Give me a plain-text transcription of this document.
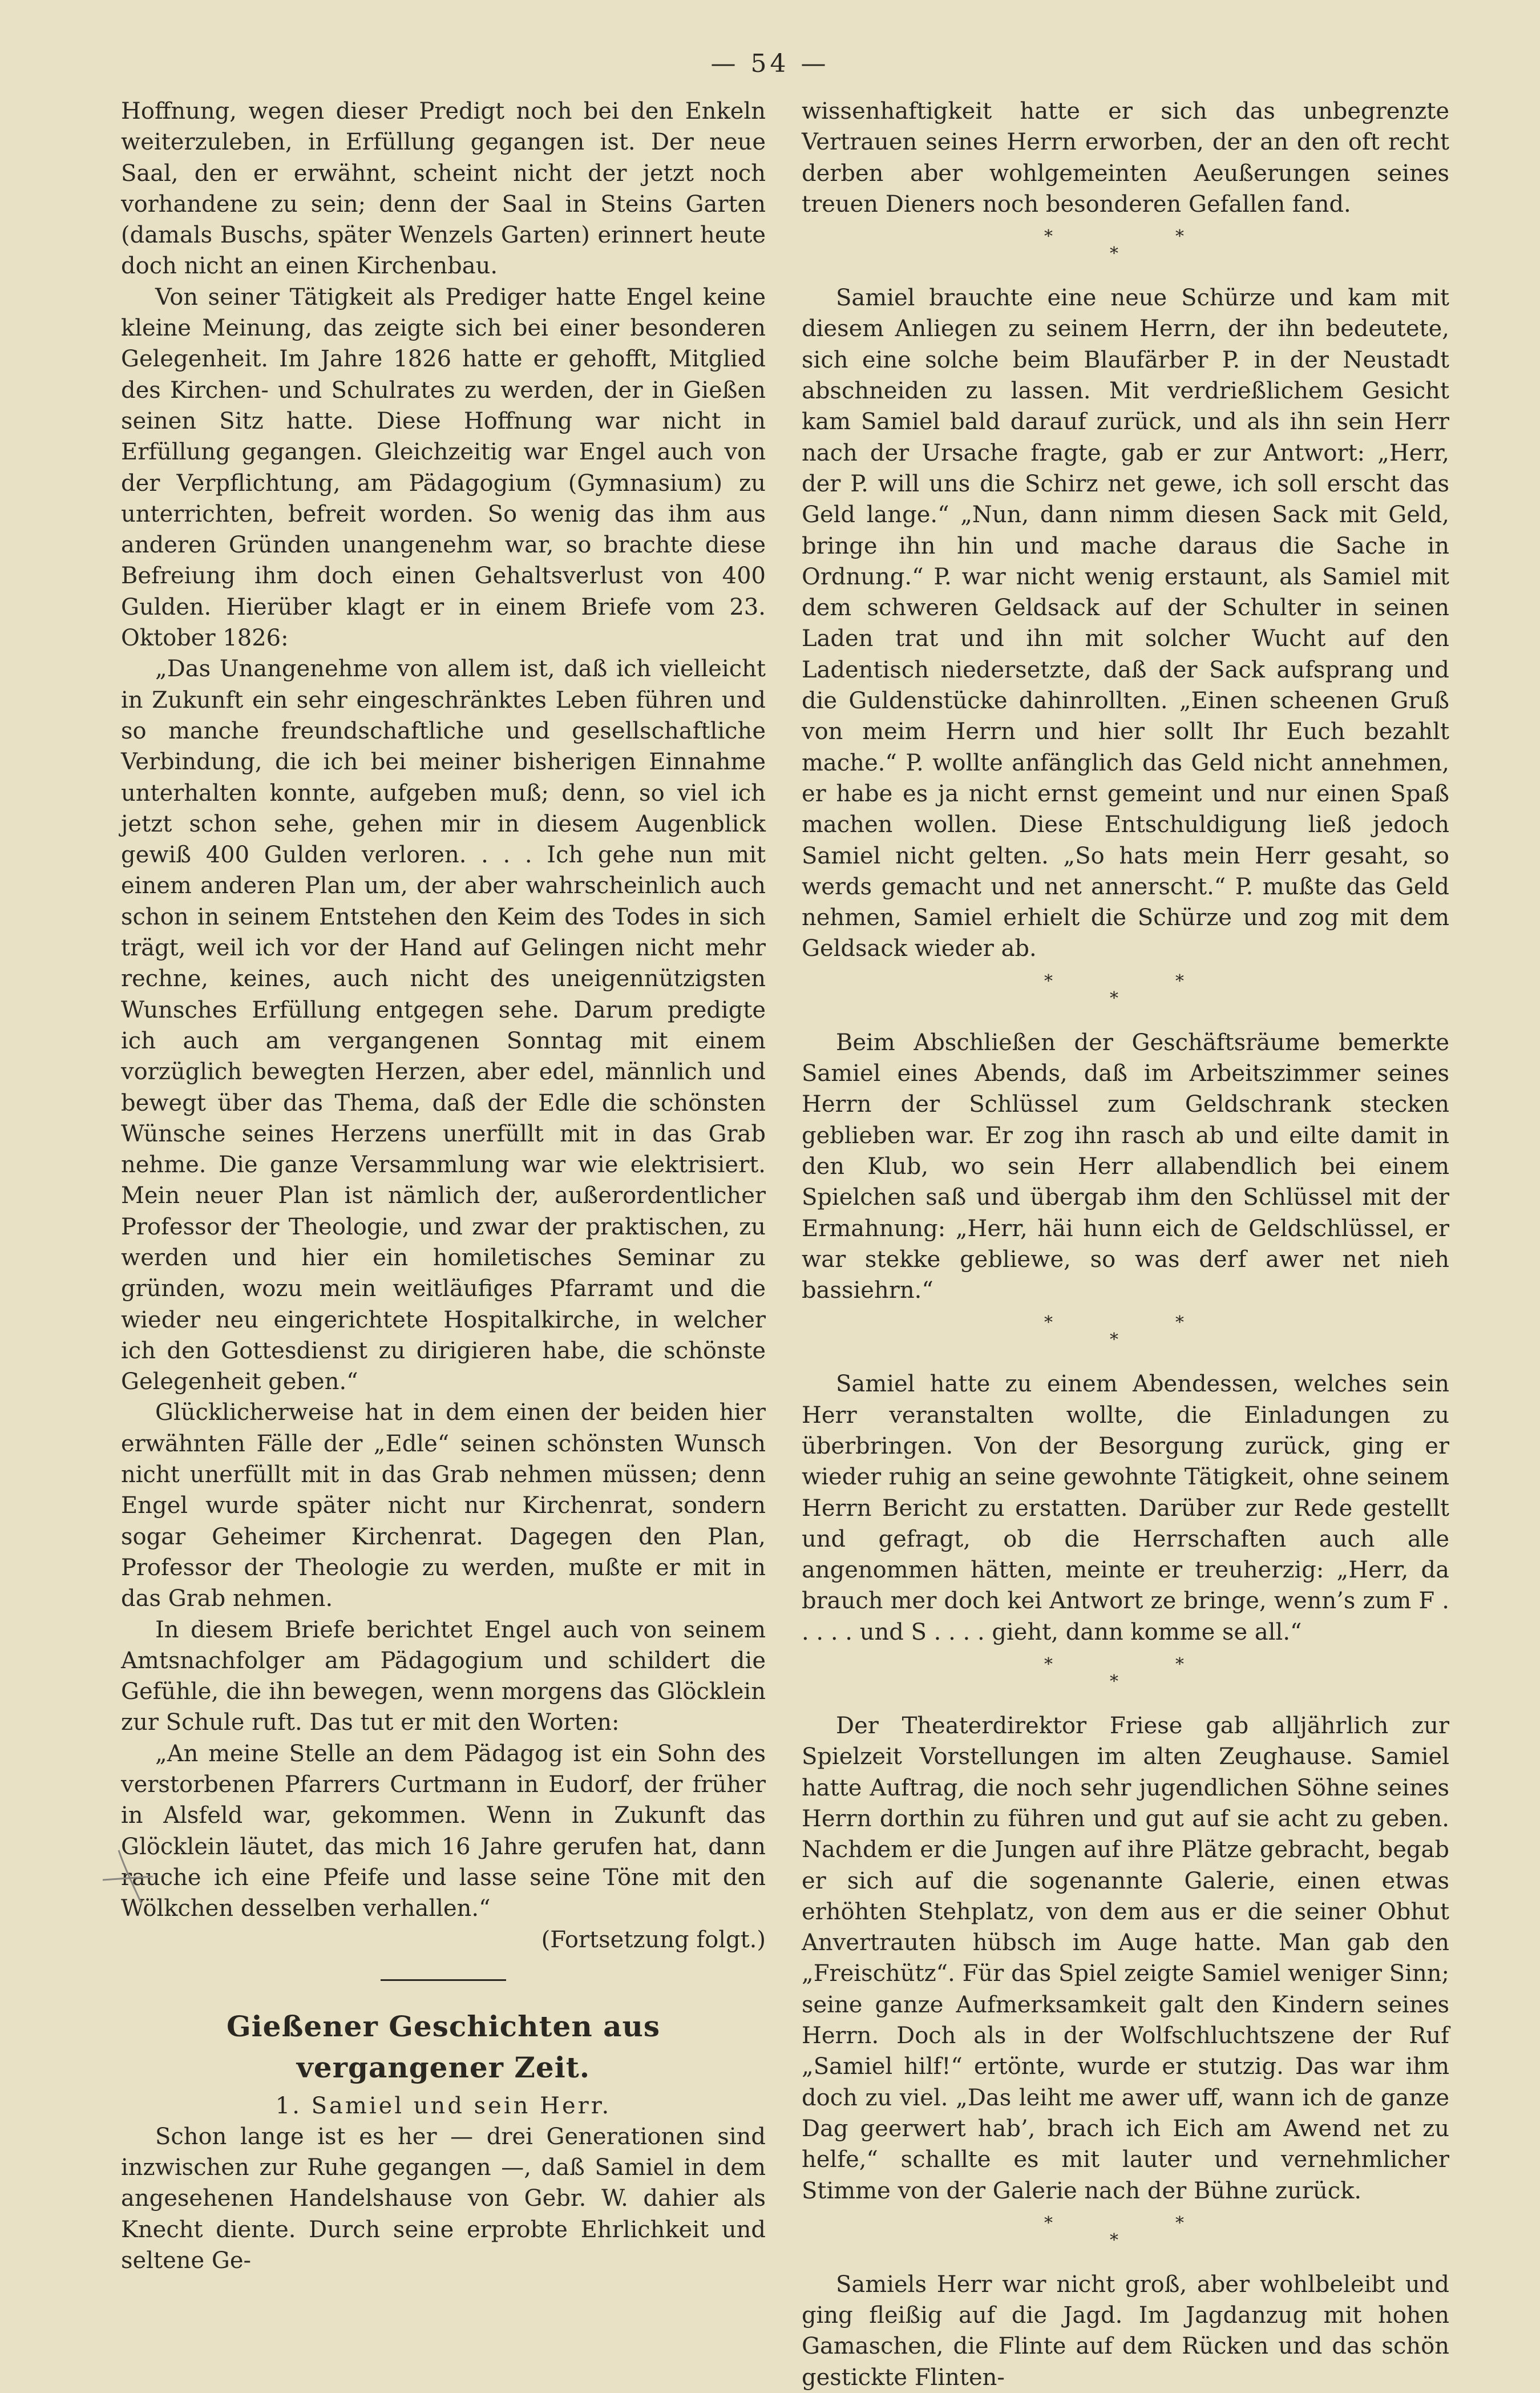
— 54 —

Hoffnung, wegen dieser Predigt noch bei den Enkeln weiterzuleben, in Erfüllung gegangen ist. Der neue Saal, den er erwähnt, scheint nicht der jetzt noch vorhandene zu sein; denn der Saal in Steins Garten (damals Buschs, später Wenzels Garten) erinnert heute doch nicht an einen Kirchenbau.

Von seiner Tätigkeit als Prediger hatte Engel keine kleine Meinung, das zeigte sich bei einer besonderen Gelegenheit. Im Jahre 1826 hatte er gehofft, Mitglied des Kirchen- und Schulrates zu werden, der in Gießen seinen Sitz hatte. Diese Hoffnung war nicht in Erfüllung gegangen. Gleichzeitig war Engel auch von der Verpflichtung, am Pädagogium (Gymnasium) zu unterrichten, befreit worden. So wenig das ihm aus anderen Gründen unangenehm war, so brachte diese Befreiung ihm doch einen Gehaltsverlust von 400 Gulden. Hierüber klagt er in einem Briefe vom 23. Oktober 1826:

„Das Unangenehme von allem ist, daß ich vielleicht in Zukunft ein sehr eingeschränktes Leben führen und so manche freundschaftliche und gesellschaftliche Verbindung, die ich bei meiner bisherigen Einnahme unterhalten konnte, aufgeben muß; denn, so viel ich jetzt schon sehe, gehen mir in diesem Augenblick gewiß 400 Gulden verloren. . . . Ich gehe nun mit einem anderen Plan um, der aber wahrscheinlich auch schon in seinem Entstehen den Keim des Todes in sich trägt, weil ich vor der Hand auf Gelingen nicht mehr rechne, keines, auch nicht des uneigennützigsten Wunsches Erfüllung entgegen sehe. Darum predigte ich auch am vergangenen Sonntag mit einem vorzüglich bewegten Herzen, aber edel, männlich und bewegt über das Thema, daß der Edle die schönsten Wünsche seines Herzens unerfüllt mit in das Grab nehme. Die ganze Versammlung war wie elektrisiert. Mein neuer Plan ist nämlich der, außerordentlicher Professor der Theologie, und zwar der praktischen, zu werden und hier ein homiletisches Seminar zu gründen, wozu mein weitläufiges Pfarramt und die wieder neu eingerichtete Hospitalkirche, in welcher ich den Gottesdienst zu dirigieren habe, die schönste Gelegenheit geben.“

Glücklicherweise hat in dem einen der beiden hier erwähnten Fälle der „Edle“ seinen schönsten Wunsch nicht unerfüllt mit in das Grab nehmen müssen; denn Engel wurde später nicht nur Kirchenrat, sondern sogar Geheimer Kirchenrat. Dagegen den Plan, Professor der Theologie zu werden, mußte er mit in das Grab nehmen.

In diesem Briefe berichtet Engel auch von seinem Amtsnachfolger am Pädagogium und schildert die Gefühle, die ihn bewegen, wenn morgens das Glöcklein zur Schule ruft. Das tut er mit den Worten:

„An meine Stelle an dem Pädagog ist ein Sohn des verstorbenen Pfarrers Curtmann in Eudorf, der früher in Alsfeld war, gekommen. Wenn in Zukunft das Glöcklein läutet, das mich 16 Jahre gerufen hat, dann rauche ich eine Pfeife und lasse seine Töne mit den Wölkchen desselben verhallen.“

(Fortsetzung folgt.)

Gießener Geschichten aus vergangener Zeit.
1. Samiel und sein Herr.

Schon lange ist es her — drei Generationen sind inzwischen zur Ruhe gegangen —, daß Samiel in dem angesehenen Handelshause von Gebr. W. dahier als Knecht diente. Durch seine erprobte Ehrlichkeit und seltene Ge-

wissenhaftigkeit hatte er sich das unbegrenzte Vertrauen seines Herrn erworben, der an den oft recht derben aber wohlgemeinten Aeußerungen seines treuen Dieners noch besonderen Gefallen fand.

*
*
*

Samiel brauchte eine neue Schürze und kam mit diesem Anliegen zu seinem Herrn, der ihn bedeutete, sich eine solche beim Blaufärber P. in der Neustadt abschneiden zu lassen. Mit verdrießlichem Gesicht kam Samiel bald darauf zurück, und als ihn sein Herr nach der Ursache fragte, gab er zur Antwort: „Herr, der P. will uns die Schirz net gewe, ich soll erscht das Geld lange.“ „Nun, dann nimm diesen Sack mit Geld, bringe ihn hin und mache daraus die Sache in Ordnung.“ P. war nicht wenig erstaunt, als Samiel mit dem schweren Geldsack auf der Schulter in seinen Laden trat und ihn mit solcher Wucht auf den Ladentisch niedersetzte, daß der Sack aufsprang und die Guldenstücke dahinrollten. „Einen scheenen Gruß von meim Herrn und hier sollt Ihr Euch bezahlt mache.“ P. wollte anfänglich das Geld nicht annehmen, er habe es ja nicht ernst gemeint und nur einen Spaß machen wollen. Diese Entschuldigung ließ jedoch Samiel nicht gelten. „So hats mein Herr gesaht, so werds gemacht und net annerscht.“ P. mußte das Geld nehmen, Samiel erhielt die Schürze und zog mit dem Geldsack wieder ab.

*
*
*

Beim Abschließen der Geschäftsräume bemerkte Samiel eines Abends, daß im Arbeitszimmer seines Herrn der Schlüssel zum Geldschrank stecken geblieben war. Er zog ihn rasch ab und eilte damit in den Klub, wo sein Herr allabendlich bei einem Spielchen saß und übergab ihm den Schlüssel mit der Ermahnung: „Herr, häi hunn eich de Geldschlüssel, er war stekke gebliewe, so was derf awer net nieh bassiehrn.“

*
*
*

Samiel hatte zu einem Abendessen, welches sein Herr veranstalten wollte, die Einladungen zu überbringen. Von der Besorgung zurück, ging er wieder ruhig an seine gewohnte Tätigkeit, ohne seinem Herrn Bericht zu erstatten. Darüber zur Rede gestellt und gefragt, ob die Herrschaften auch alle angenommen hätten, meinte er treuherzig: „Herr, da brauch mer doch kei Antwort ze bringe, wenn’s zum F . . . . . und S . . . . gieht, dann komme se all.“

*
*
*

Der Theaterdirektor Friese gab alljährlich zur Spielzeit Vorstellungen im alten Zeughause. Samiel hatte Auftrag, die noch sehr jugendlichen Söhne seines Herrn dorthin zu führen und gut auf sie acht zu geben. Nachdem er die Jungen auf ihre Plätze gebracht, begab er sich auf die sogenannte Galerie, einen etwas erhöhten Stehplatz, von dem aus er die seiner Obhut Anvertrauten hübsch im Auge hatte. Man gab den „Freischütz“. Für das Spiel zeigte Samiel weniger Sinn; seine ganze Aufmerksamkeit galt den Kindern seines Herrn. Doch als in der Wolfschluchtszene der Ruf „Samiel hilf!“ ertönte, wurde er stutzig. Das war ihm doch zu viel. „Das leiht me awer uff, wann ich de ganze Dag geerwert hab’, brach ich Eich am Awend net zu helfe,“ schallte es mit lauter und vernehmlicher Stimme von der Galerie nach der Bühne zurück.

*
*
*

Samiels Herr war nicht groß, aber wohlbeleibt und ging fleißig auf die Jagd. Im Jagdanzug mit hohen Gamaschen, die Flinte auf dem Rücken und das schön gestickte Flinten-
